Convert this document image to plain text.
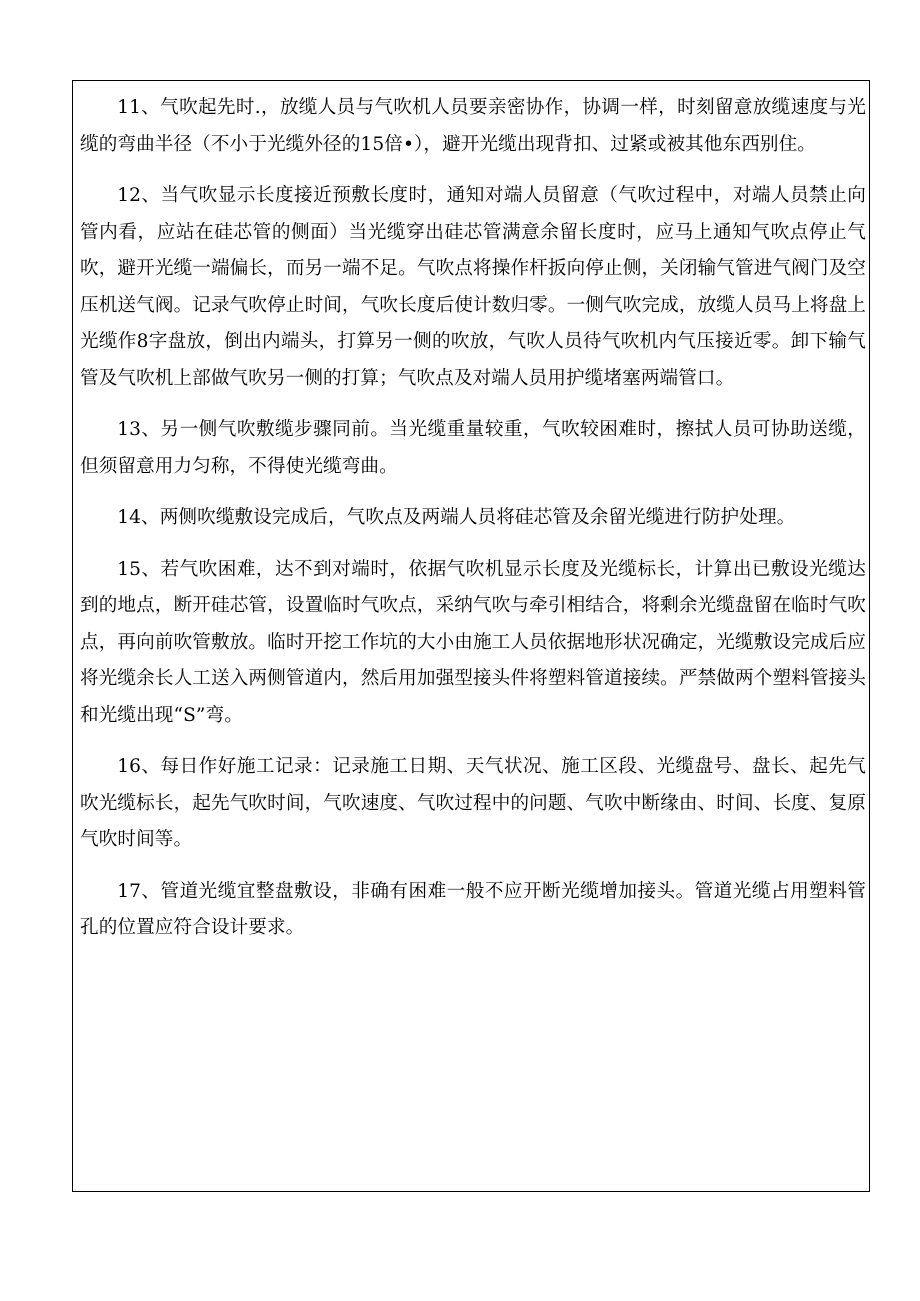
11、气吹起先时.，放缆人员与气吹机人员要亲密协作，协调一样，时刻留意放缆速度与光缆的弯曲半径（不小于光缆外径的15倍•），避开光缆出现背扣、过紧或被其他东西别住。

12、当气吹显示长度接近预敷长度时，通知对端人员留意（气吹过程中，对端人员禁止向管内看，应站在硅芯管的侧面）当光缆穿出硅芯管满意余留长度时，应马上通知气吹点停止气吹，避开光缆一端偏长，而另一端不足。气吹点将操作杆扳向停止侧，关闭输气管进气阀门及空压机送气阀。记录气吹停止时间，气吹长度后使计数归零。一侧气吹完成，放缆人员马上将盘上光缆作8字盘放，倒出内端头，打算另一侧的吹放，气吹人员待气吹机内气压接近零。卸下输气管及气吹机上部做气吹另一侧的打算；气吹点及对端人员用护缆堵塞两端管口。

13、另一侧气吹敷缆步骤同前。当光缆重量较重，气吹较困难时，擦拭人员可协助送缆，但须留意用力匀称，不得使光缆弯曲。

14、两侧吹缆敷设完成后，气吹点及两端人员将硅芯管及余留光缆进行防护处理。

15、若气吹困难，达不到对端时，依据气吹机显示长度及光缆标长，计算出已敷设光缆达到的地点，断开硅芯管，设置临时气吹点，采纳气吹与牵引相结合，将剩余光缆盘留在临时气吹点，再向前吹管敷放。临时开挖工作坑的大小由施工人员依据地形状况确定，光缆敷设完成后应将光缆余长人工送入两侧管道内，然后用加强型接头件将塑料管道接续。严禁做两个塑料管接头和光缆出现“S”弯。

16、每日作好施工记录：记录施工日期、天气状况、施工区段、光缆盘号、盘长、起先气吹光缆标长，起先气吹时间，气吹速度、气吹过程中的问题、气吹中断缘由、时间、长度、复原气吹时间等。

17、管道光缆宜整盘敷设，非确有困难一般不应开断光缆增加接头。管道光缆占用塑料管孔的位置应符合设计要求。
